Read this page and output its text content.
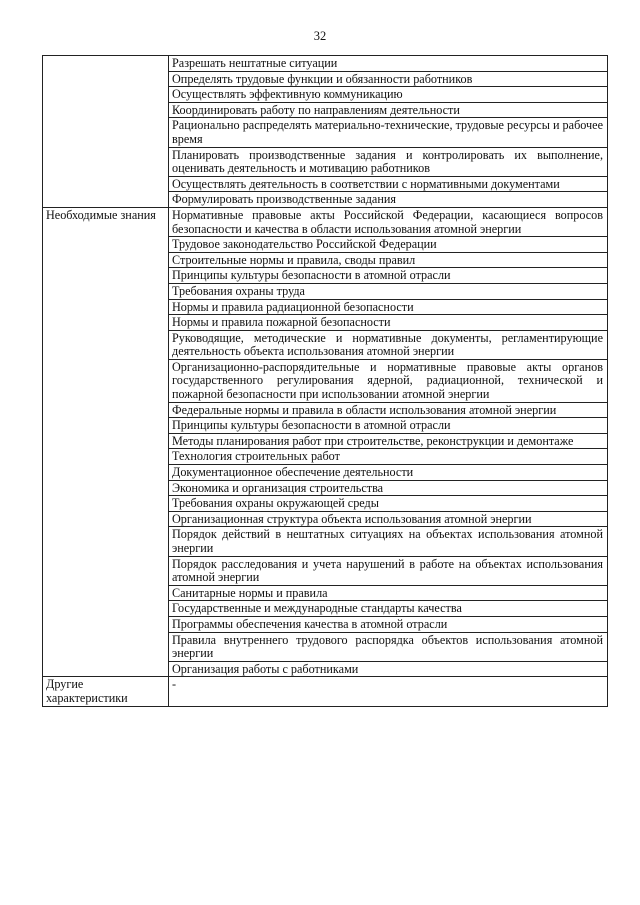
32
	Разрешать нештатные ситуации
	Определять трудовые функции и обязанности работников
	Осуществлять эффективную коммуникацию
	Координировать работу по направлениям деятельности
	Рационально распределять материально-технические, трудовые ресурсы и рабочее время
	Планировать производственные задания и контролировать их выполнение, оценивать деятельность и мотивацию работников
	Осуществлять деятельность в соответствии с нормативными документами
	Формулировать производственные задания
Необходимые знания	Нормативные правовые акты Российской Федерации, касающиеся вопросов безопасности и качества в области использования атомной энергии
	Трудовое законодательство Российской Федерации
	Строительные нормы и правила, своды правил
	Принципы культуры безопасности в атомной отрасли
	Требования охраны труда
	Нормы и правила радиационной безопасности
	Нормы и правила пожарной безопасности
	Руководящие, методические и нормативные документы, регламентирующие деятельность объекта использования атомной энергии
	Организационно-распорядительные и нормативные правовые акты органов государственного регулирования ядерной, радиационной, технической и пожарной безопасности при использовании атомной энергии
	Федеральные нормы и правила в области использования атомной энергии
	Принципы культуры безопасности в атомной отрасли
	Методы планирования работ при строительстве, реконструкции и демонтаже
	Технология строительных работ
	Документационное обеспечение деятельности
	Экономика и организация строительства
	Требования охраны окружающей среды
	Организационная структура объекта использования атомной энергии
	Порядок действий в нештатных ситуациях на объектах использования атомной энергии
	Порядок расследования и учета нарушений в работе на объектах использования атомной энергии
	Санитарные нормы и правила
	Государственные и международные стандарты качества
	Программы обеспечения качества в атомной отрасли
	Правила внутреннего трудового распорядка объектов использования атомной энергии
	Организация работы с работниками
Другие характеристики	-
